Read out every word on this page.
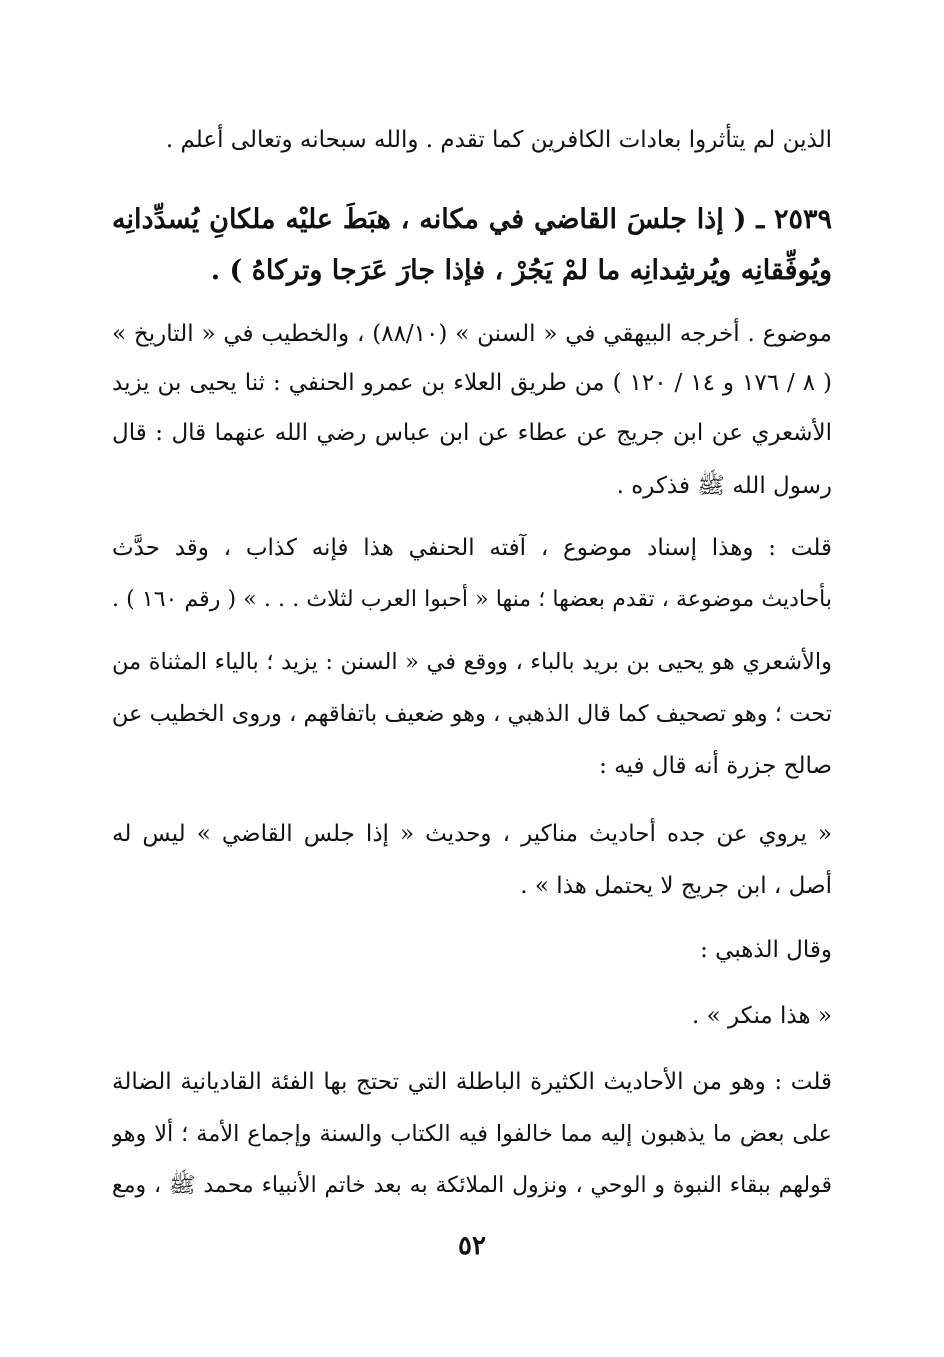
الذين لم يتأثروا بعادات الكافرين كما تقدم . والله سبحانه وتعالى أعلم .
٢٥٣٩ ـ ( إذا جلسَ القاضي في مكانه ، هبَطَ عليْه ملكانِ يُسدِّدانِه
ويُوفِّقانِه ويُرشِدانِه ما لمْ يَجُرْ ، فإذا جارَ عَرَجا وتركاهُ ) .
موضوع . أخرجه البيهقي في « السنن » (٨٨/١٠) ، والخطيب في « التاريخ »
( ٨ / ١٧٦ و ١٤ / ١٢٠ ) من طريق العلاء بن عمرو الحنفي : ثنا يحيى بن يزيد
الأشعري عن ابن جريج عن عطاء عن ابن عباس رضي الله عنهما قال : قال
رسول الله ﷺ فذكره .
قلت : وهذا إسناد موضوع ، آفته الحنفي هذا فإنه كذاب ، وقد حدَّث
بأحاديث موضوعة ، تقدم بعضها ؛ منها « أحبوا العرب لثلاث . . . » ( رقم ١٦٠ ) .
والأشعري هو يحيى بن بريد بالباء ، ووقع في « السنن : يزيد ؛ بالياء المثناة من
تحت ؛ وهو تصحيف كما قال الذهبي ، وهو ضعيف باتفاقهم ، وروى الخطيب عن
صالح جزرة أنه قال فيه :
« يروي عن جده أحاديث مناكير ، وحديث « إذا جلس القاضي » ليس له
أصل ، ابن جريج لا يحتمل هذا » .
وقال الذهبي :
« هذا منكر » .
قلت : وهو من الأحاديث الكثيرة الباطلة التي تحتج بها الفئة القاديانية الضالة
على بعض ما يذهبون إليه مما خالفوا فيه الكتاب والسنة وإجماع الأمة ؛ ألا وهو
قولهم ببقاء النبوة و الوحي ، ونزول الملائكة به بعد خاتم الأنبياء محمد ﷺ ، ومع
٥٢
